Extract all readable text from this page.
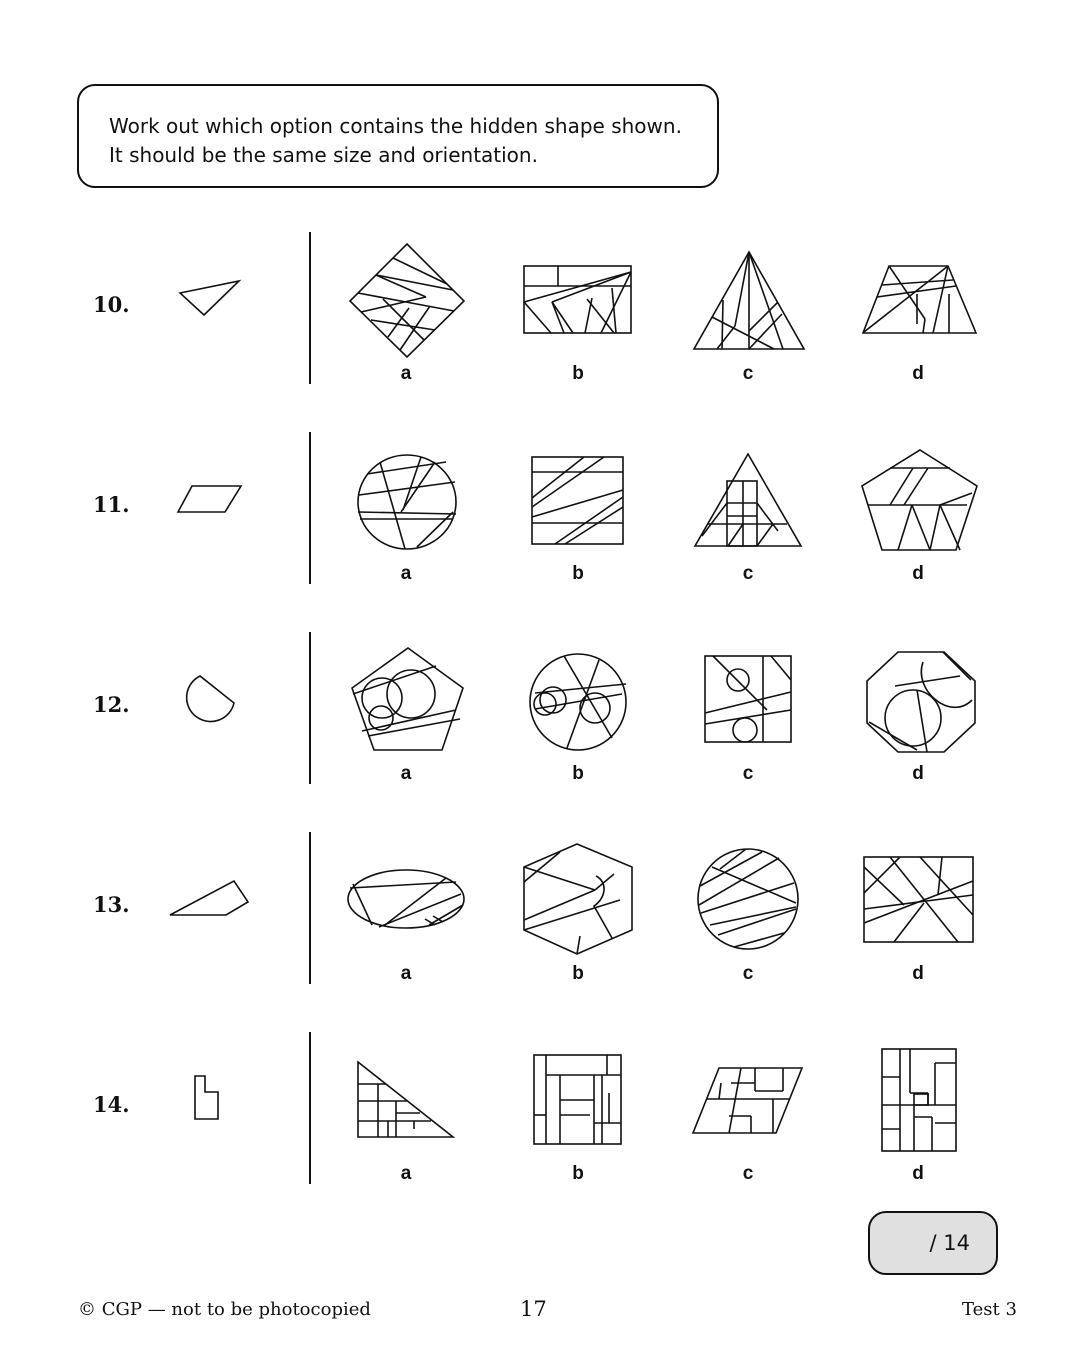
Work out which option contains the hidden shape shown.
It should be the same size and orientation.
10.
a	b	c	d
11.
a	b	c	d
12.
a	b	c	d
13.
a	b	c	d
14.
a	b	c	d
/ 14
© CGP — not to be photocopied	17	Test 3
